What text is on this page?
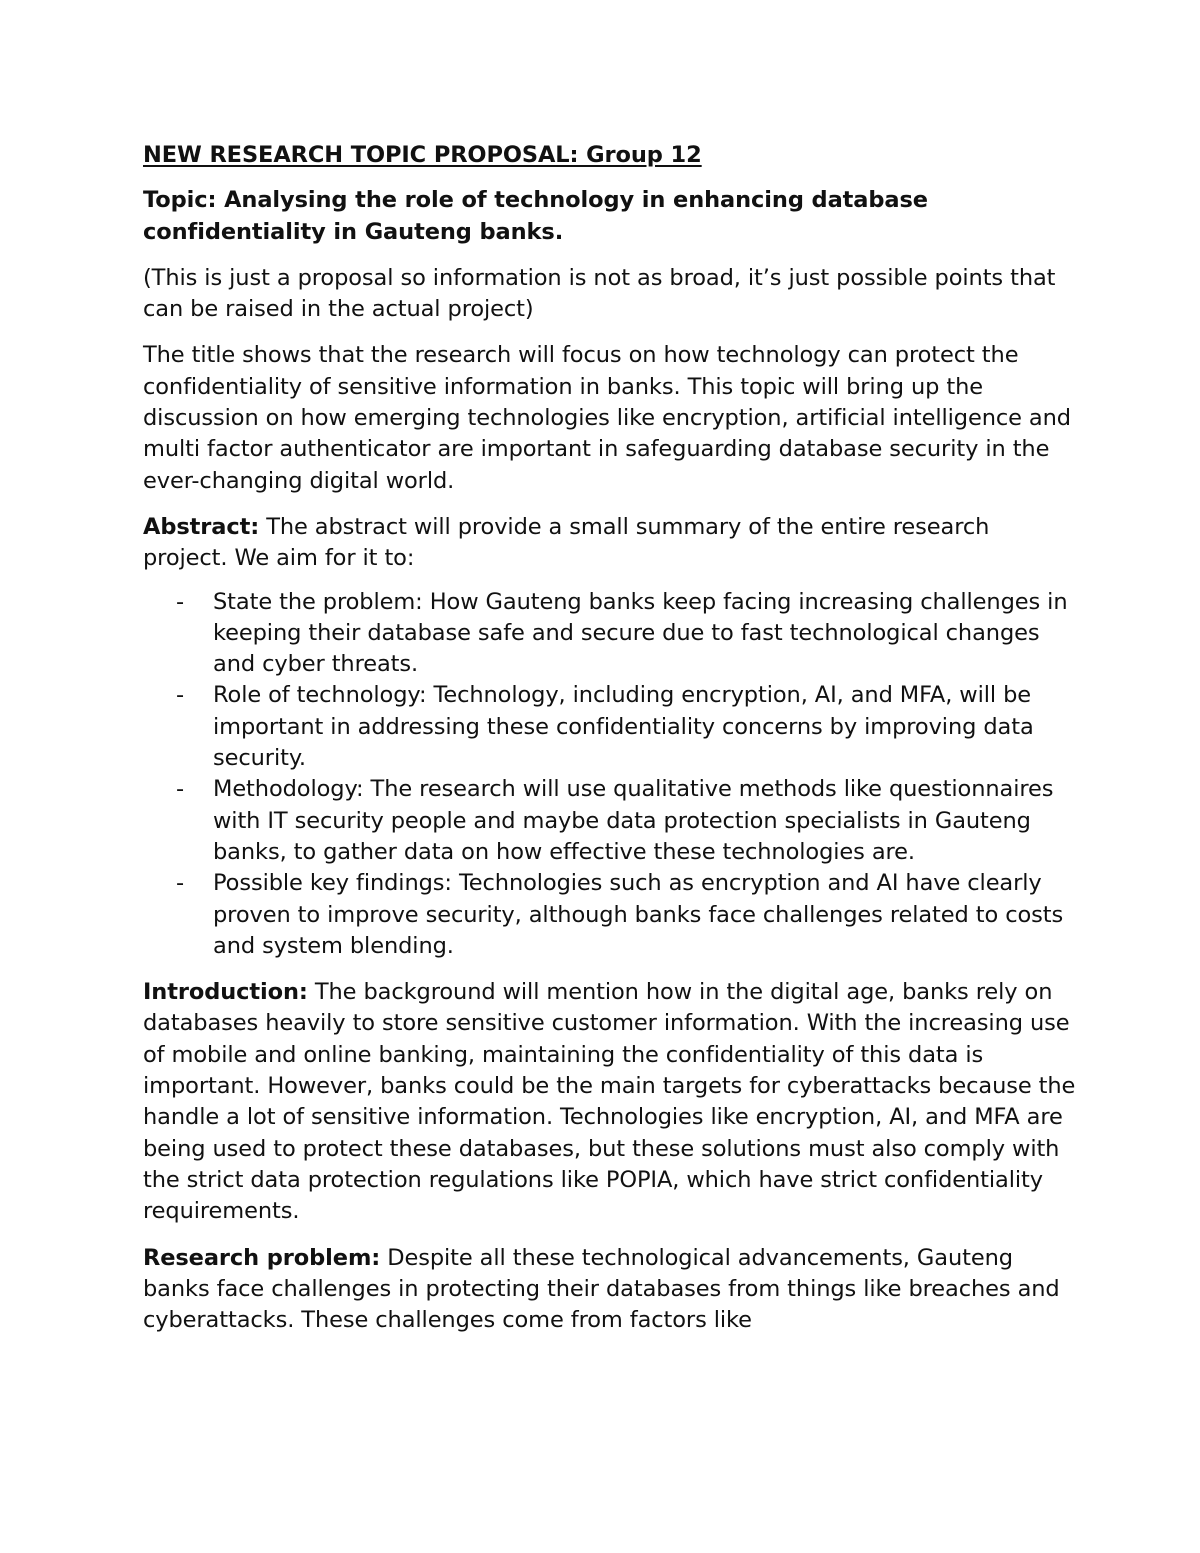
NEW RESEARCH TOPIC PROPOSAL: Group 12

Topic: Analysing the role of technology in enhancing database confidentiality in Gauteng banks.

(This is just a proposal so information is not as broad, it’s just possible points that can be raised in the actual project)

The title shows that the research will focus on how technology can protect the confidentiality of sensitive information in banks. This topic will bring up the discussion on how emerging technologies like encryption, artificial intelligence and multi factor authenticator are important in safeguarding database security in the ever-changing digital world.

Abstract: The abstract will provide a small summary of the entire research project. We aim for it to:

- State the problem: How Gauteng banks keep facing increasing challenges in keeping their database safe and secure due to fast technological changes and cyber threats.
- Role of technology: Technology, including encryption, AI, and MFA, will be important in addressing these confidentiality concerns by improving data security.
- Methodology: The research will use qualitative methods like questionnaires with IT security people and maybe data protection specialists in Gauteng banks, to gather data on how effective these technologies are.
- Possible key findings: Technologies such as encryption and AI have clearly proven to improve security, although banks face challenges related to costs and system blending.

Introduction: The background will mention how in the digital age, banks rely on databases heavily to store sensitive customer information. With the increasing use of mobile and online banking, maintaining the confidentiality of this data is important. However, banks could be the main targets for cyberattacks because the handle a lot of sensitive information. Technologies like encryption, AI, and MFA are being used to protect these databases, but these solutions must also comply with the strict data protection regulations like POPIA, which have strict confidentiality requirements.

Research problem: Despite all these technological advancements, Gauteng banks face challenges in protecting their databases from things like breaches and cyberattacks. These challenges come from factors like
